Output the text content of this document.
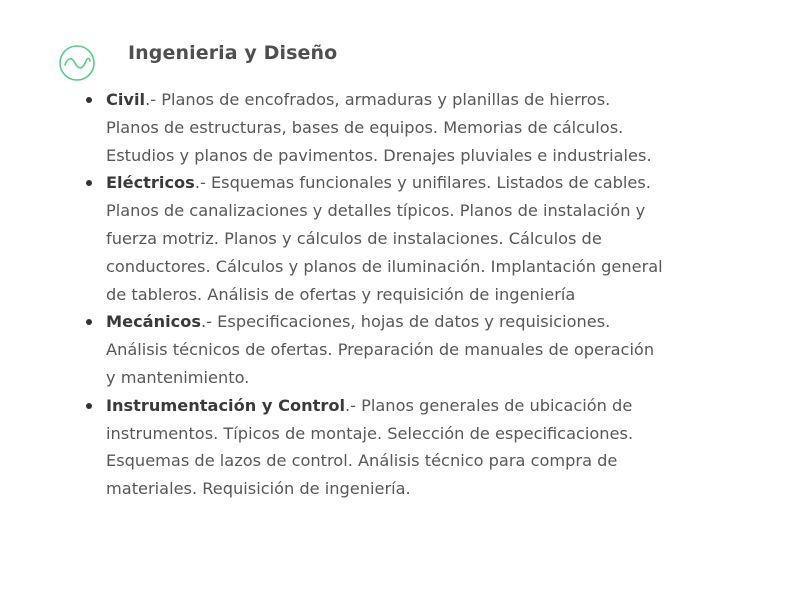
Ingenieria y Diseño
Civil.- Planos de encofrados, armaduras y planillas de hierros. Planos de estructuras, bases de equipos. Memorias de cálculos. Estudios y planos de pavimentos. Drenajes pluviales e industriales.
Eléctricos.- Esquemas funcionales y unifilares. Listados de cables. Planos de canalizaciones y detalles típicos. Planos de instalación y fuerza motriz. Planos y cálculos de instalaciones. Cálculos de conductores. Cálculos y planos de iluminación. Implantación general de tableros. Análisis de ofertas y requisición de ingeniería
Mecánicos.- Especificaciones, hojas de datos y requisiciones. Análisis técnicos de ofertas. Preparación de manuales de operación y mantenimiento.
Instrumentación y Control.- Planos generales de ubicación de instrumentos. Típicos de montaje. Selección de especificaciones. Esquemas de lazos de control. Análisis técnico para compra de materiales. Requisición de ingeniería.
